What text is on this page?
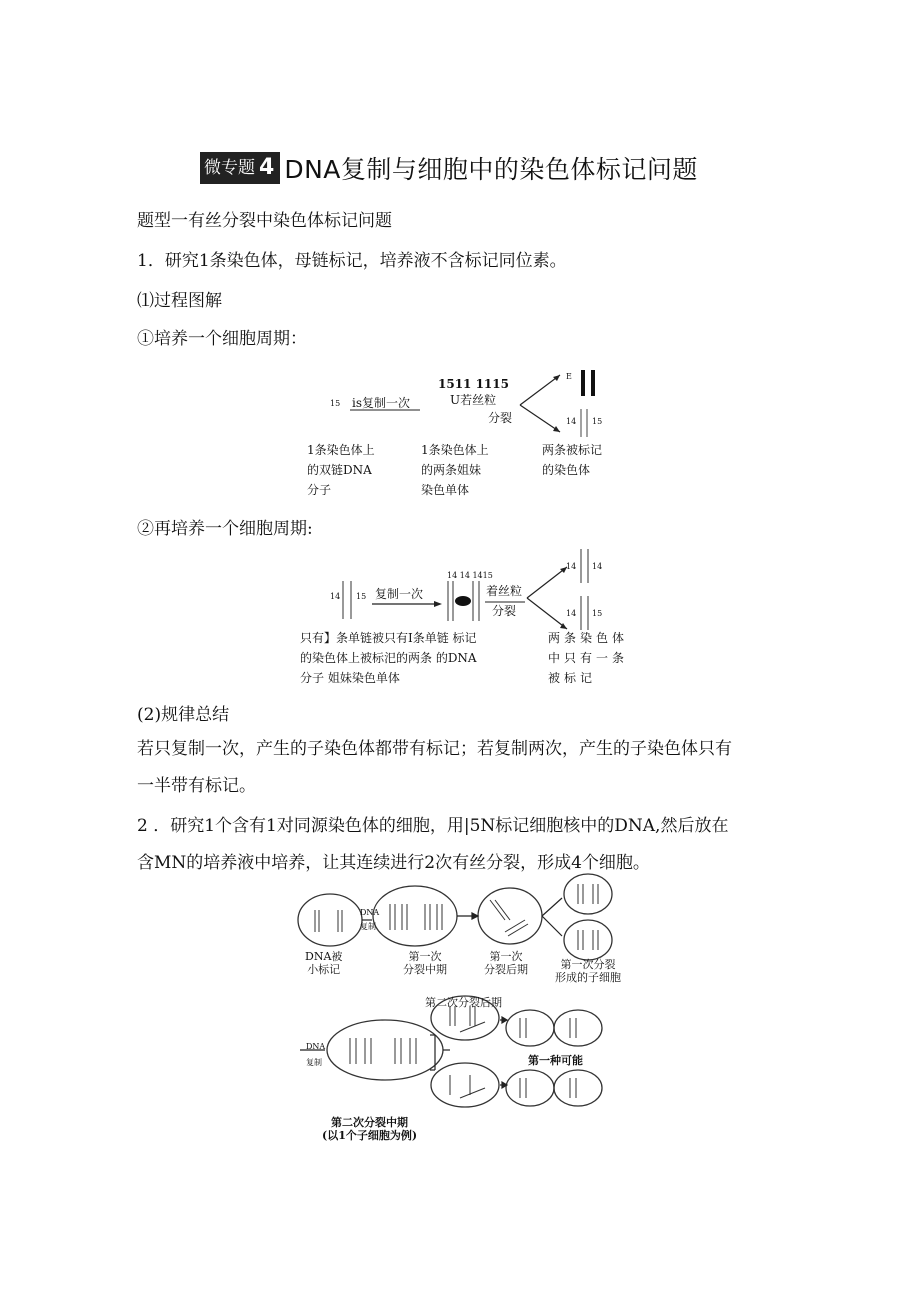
微专题 4 DNA复制与细胞中的染色体标记问题
题型一有丝分裂中染色体标记问题
1．研究1条染色体，母链标记，培养液不含标记同位素。
⑴过程图解
①培养一个细胞周期：
15 is复制一次
1511 1115
U若丝粒
分裂
E
14 15
1条染色体上
的双链DNA
分子
1条染色体上
的两条姐妹
染色单体
两条被标记
的染色体
②再培养一个细胞周期:
14 15 复制一次
14 14 1415
着丝粒
分裂
14 14
14 15
只有】条单链被只有I条单链 标记
的染色体上被标汜的两条 的DNA
分子 姐妹染色单体
两条染色体
中只有一条
被标记
(2)规律总结
若只复制一次，产生的子染色体都带有标记；若复制两次，产生的子染色体只有
一半带有标记。
2 ．研究1个含有1对同源染色体的细胞，用|5N标记细胞核中的DNA,然后放在
含MN的培养液中培养，让其连续进行2次有丝分裂，形成4个细胞。
DNA
复制
DNA被
小标记
第一次
分裂中期
第一次
分裂后期	第一次分裂
形成的子细胞
第二次分裂后期
DNA
复制	第一种可能
第二次分裂中期
(以1个子细胞为例)
